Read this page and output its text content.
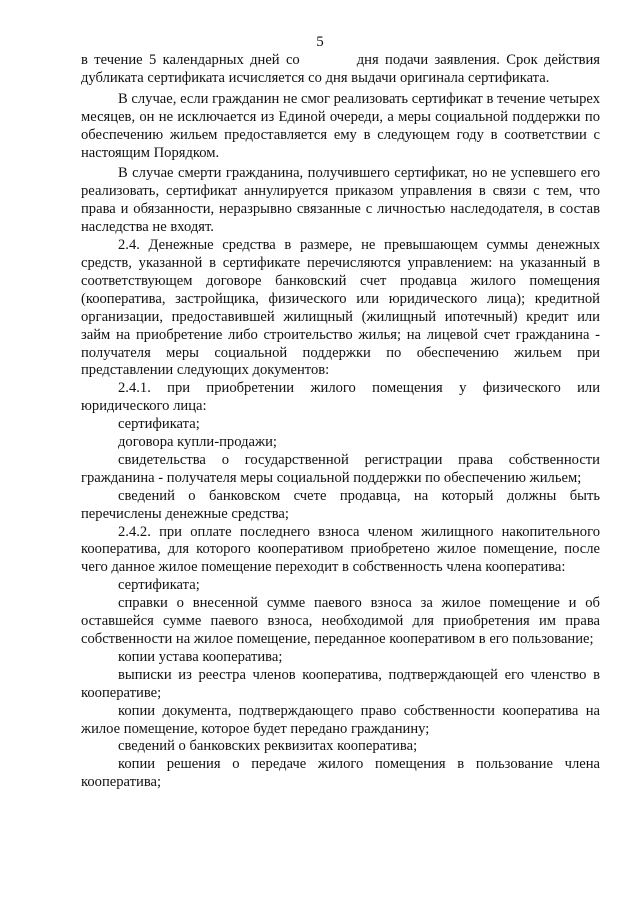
5

в течение 5 календарных дней со         дня подачи заявления. Срок действия дубликата сертификата исчисляется со дня выдачи оригинала сертификата.

В случае, если гражданин не смог реализовать сертификат в течение четырех месяцев, он не исключается из Единой очереди, а меры социальной поддержки по обеспечению жильем предоставляется ему в следующем году в соответствии с настоящим Порядком.

В случае смерти гражданина, получившего сертификат, но не успевшего его реализовать, сертификат аннулируется приказом управления в связи с тем, что права и обязанности, неразрывно связанные с личностью наследодателя, в состав наследства не входят.

2.4. Денежные средства в размере, не превышающем суммы денежных средств, указанной в сертификате перечисляются управлением: на указанный в соответствующем договоре банковский счет продавца жилого помещения (кооператива, застройщика, физического или юридического лица); кредитной организации, предоставившей жилищный (жилищный ипотечный) кредит или займ на приобретение либо строительство жилья; на лицевой счет гражданина - получателя меры социальной поддержки по обеспечению жильем при представлении следующих документов:

2.4.1. при приобретении жилого помещения у физического или юридического лица:

сертификата;

договора купли-продажи;

свидетельства о государственной регистрации права собственности гражданина - получателя меры социальной поддержки по обеспечению жильем;

сведений о банковском счете продавца, на который должны быть перечислены денежные средства;

2.4.2. при оплате последнего взноса членом жилищного накопительного кооператива, для которого кооперативом приобретено жилое помещение, после чего данное жилое помещение переходит в собственность члена кооператива:

сертификата;

справки о внесенной сумме паевого взноса за жилое помещение и об оставшейся сумме паевого взноса, необходимой для приобретения им права собственности на жилое помещение, переданное кооперативом в его пользование;

копии устава кооператива;

выписки из реестра членов кооператива, подтверждающей его членство в кооперативе;

копии документа, подтверждающего право собственности кооператива на жилое помещение, которое будет передано гражданину;

сведений о банковских реквизитах кооператива;

копии решения о передаче жилого помещения в пользование члена кооператива;
